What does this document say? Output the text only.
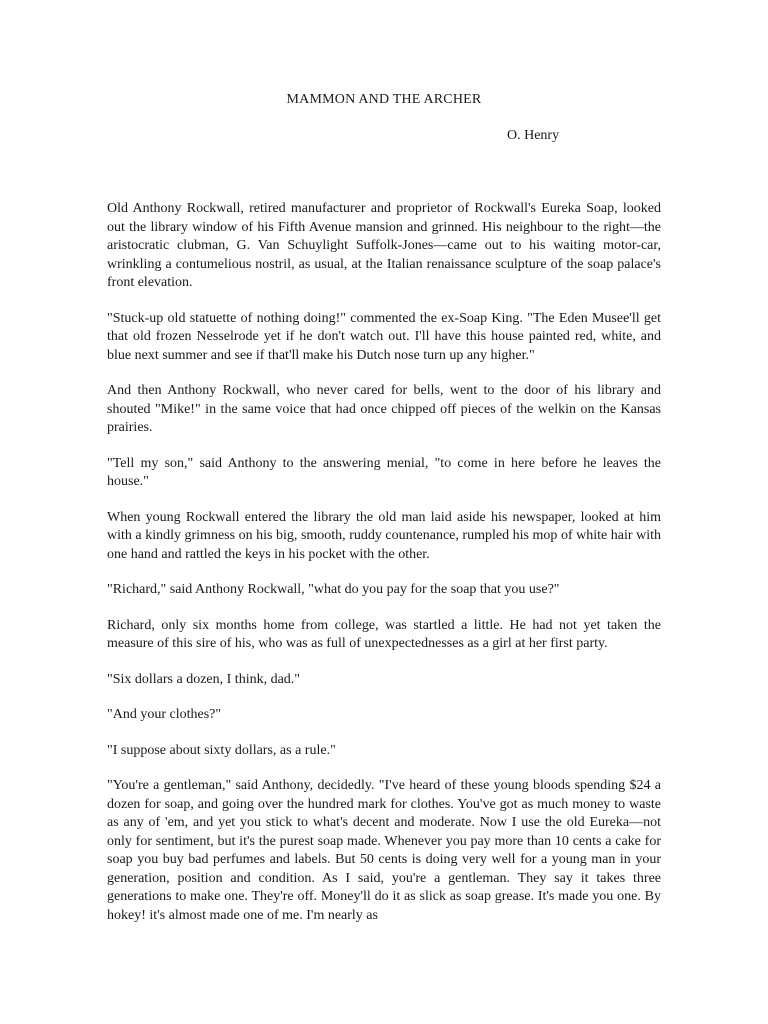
MAMMON AND THE ARCHER
O. Henry

Old Anthony Rockwall, retired manufacturer and proprietor of Rockwall's Eureka Soap, looked out the library window of his Fifth Avenue mansion and grinned. His neighbour to the right—the aristocratic clubman, G. Van Schuylight Suffolk-Jones—came out to his waiting motor-car, wrinkling a contumelious nostril, as usual, at the Italian renaissance sculpture of the soap palace's front elevation.

"Stuck-up old statuette of nothing doing!" commented the ex-Soap King. "The Eden Musee'll get that old frozen Nesselrode yet if he don't watch out. I'll have this house painted red, white, and blue next summer and see if that'll make his Dutch nose turn up any higher."

And then Anthony Rockwall, who never cared for bells, went to the door of his library and shouted "Mike!" in the same voice that had once chipped off pieces of the welkin on the Kansas prairies.

"Tell my son," said Anthony to the answering menial, "to come in here before he leaves the house."

When young Rockwall entered the library the old man laid aside his newspaper, looked at him with a kindly grimness on his big, smooth, ruddy countenance, rumpled his mop of white hair with one hand and rattled the keys in his pocket with the other.

"Richard," said Anthony Rockwall, "what do you pay for the soap that you use?"

Richard, only six months home from college, was startled a little. He had not yet taken the measure of this sire of his, who was as full of unexpectednesses as a girl at her first party.

"Six dollars a dozen, I think, dad."

"And your clothes?"

"I suppose about sixty dollars, as a rule."

"You're a gentleman," said Anthony, decidedly. "I've heard of these young bloods spending $24 a dozen for soap, and going over the hundred mark for clothes. You've got as much money to waste as any of 'em, and yet you stick to what's decent and moderate. Now I use the old Eureka—not only for sentiment, but it's the purest soap made. Whenever you pay more than 10 cents a cake for soap you buy bad perfumes and labels. But 50 cents is doing very well for a young man in your generation, position and condition. As I said, you're a gentleman. They say it takes three generations to make one. They're off. Money'll do it as slick as soap grease. It's made you one. By hokey! it's almost made one of me. I'm nearly as
